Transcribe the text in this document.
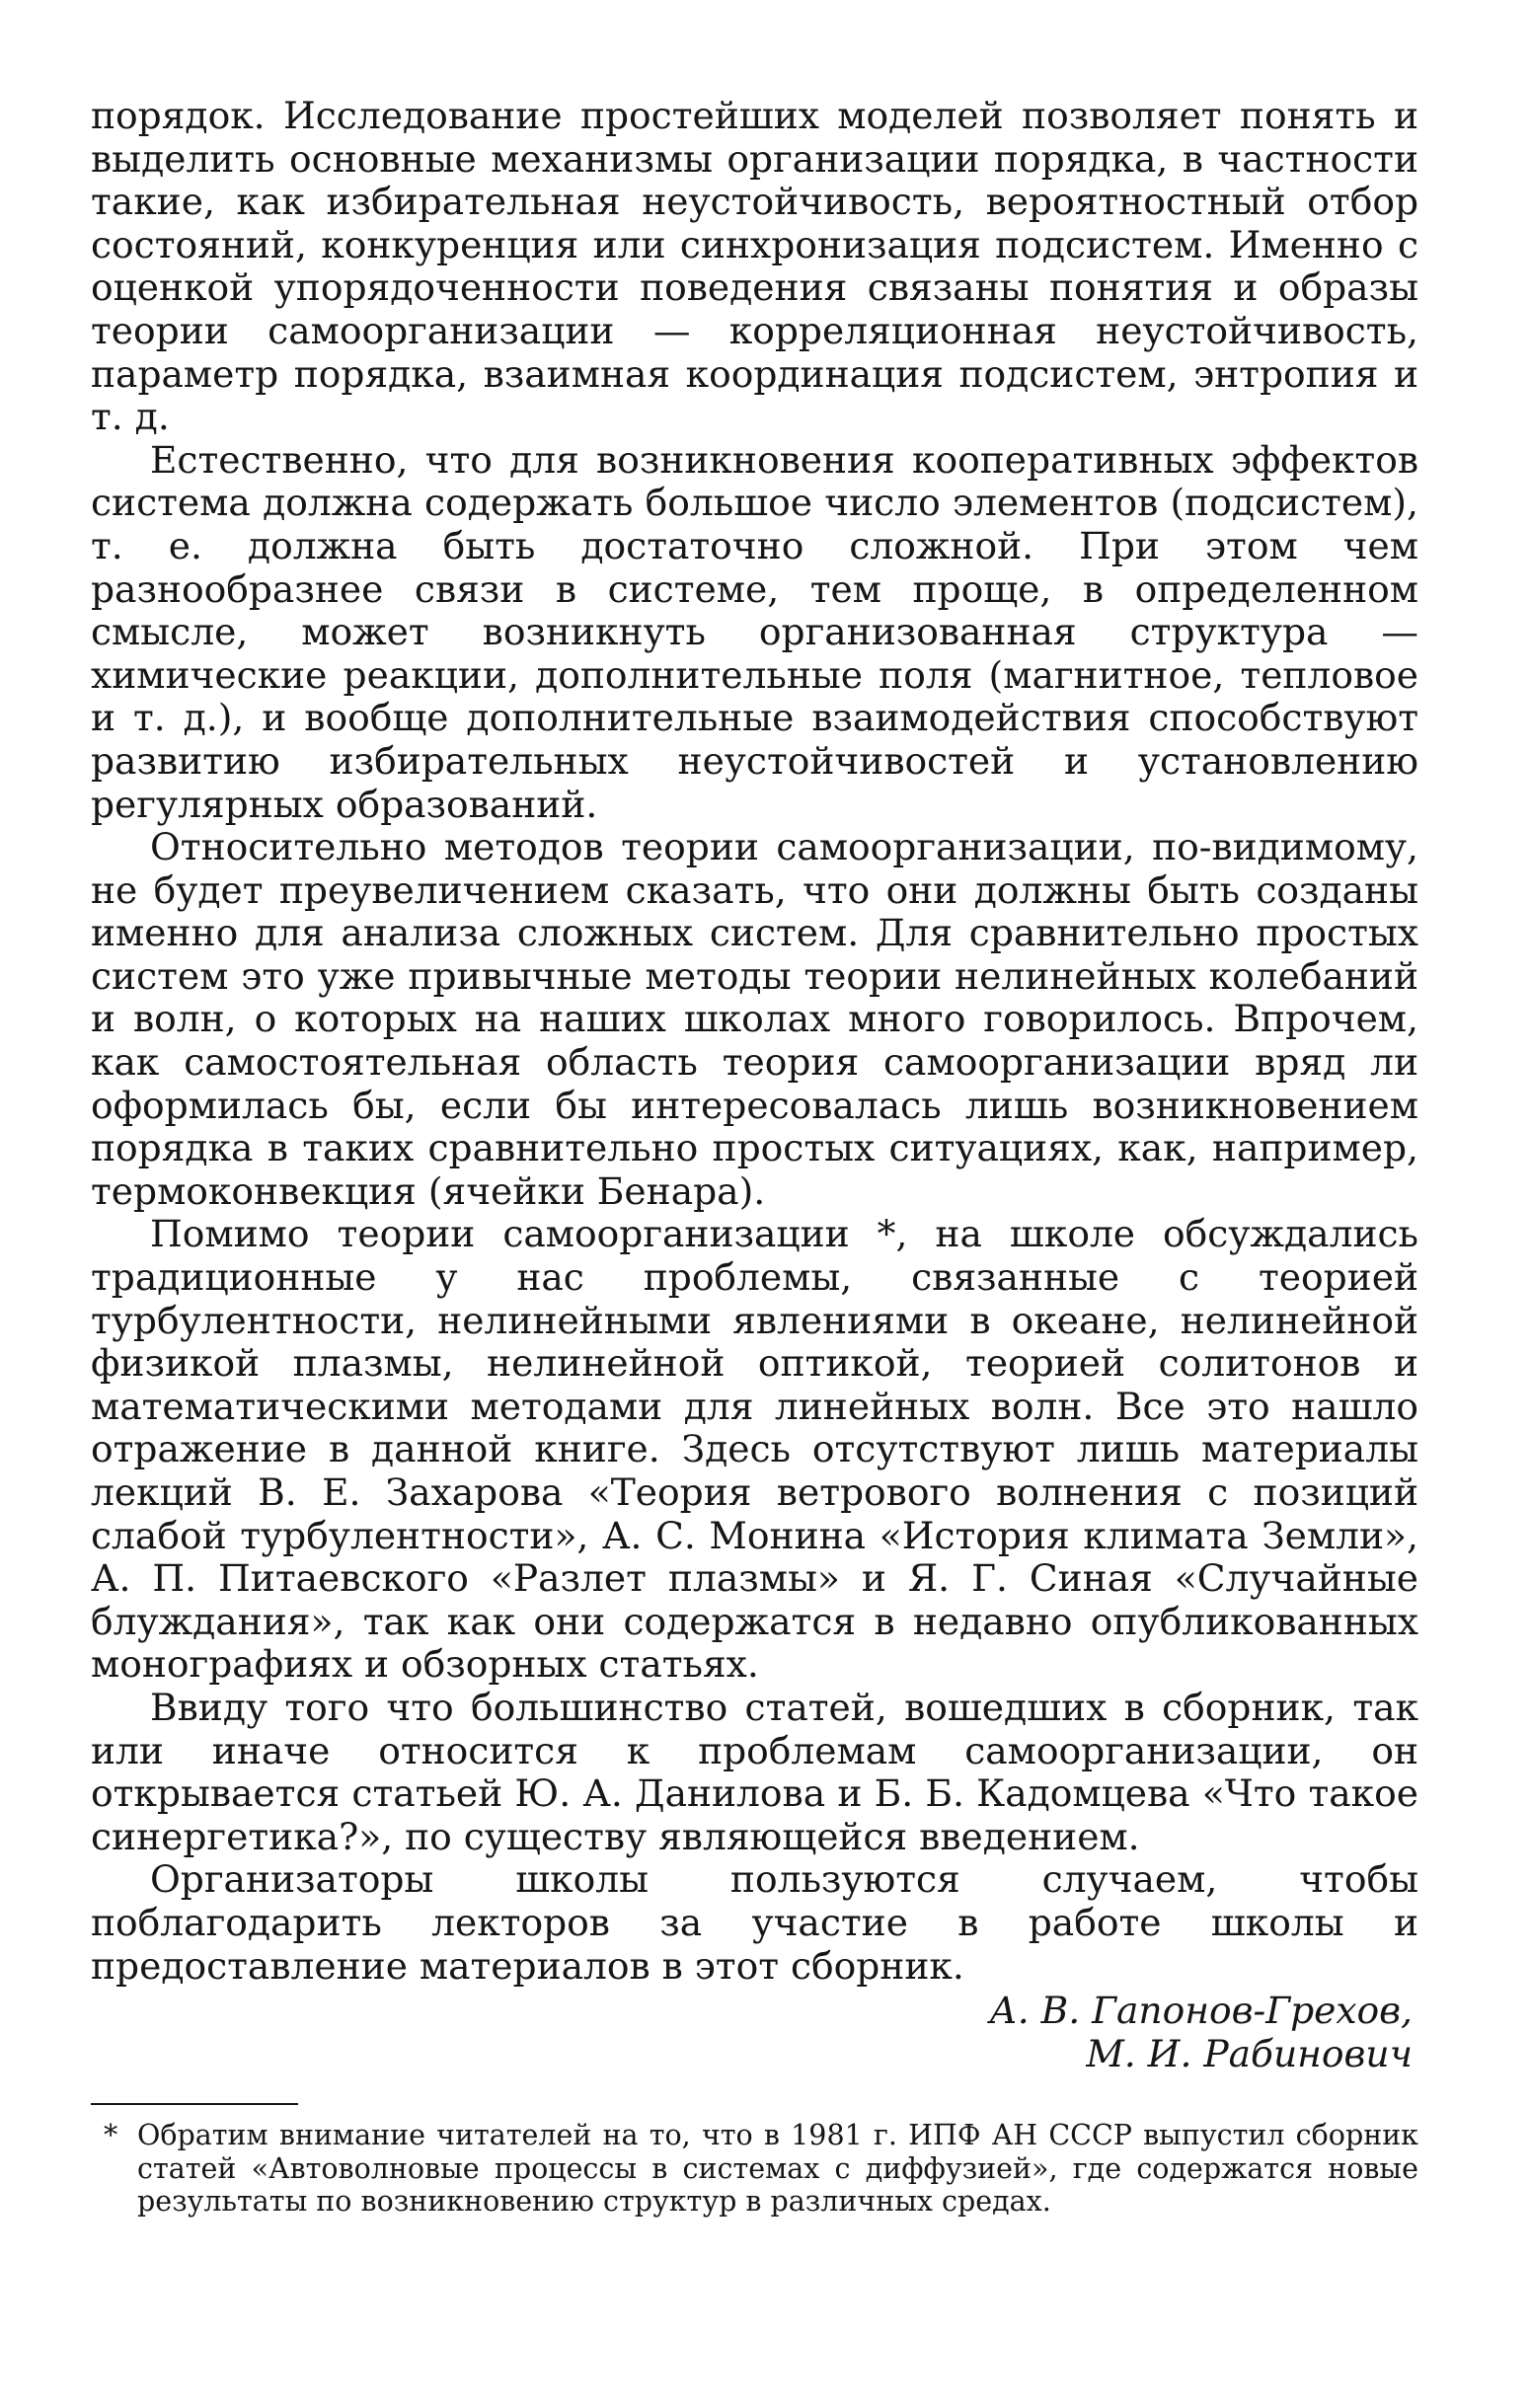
порядок. Исследование простейших моделей позволяет понять и выделить основные механизмы организации порядка, в частности такие, как избирательная неустойчивость, вероятностный отбор состояний, конкуренция или синхронизация подсистем. Именно с оценкой упорядоченности поведения связаны понятия и образы теории самоорганизации — корреляционная неустойчивость, параметр порядка, взаимная координация подсистем, энтропия и т. д.

Естественно, что для возникновения кооперативных эффектов система должна содержать большое число элементов (подсистем), т. е. должна быть достаточно сложной. При этом чем разнообразнее связи в системе, тем проще, в определенном смысле, может возникнуть организованная структура — химические реакции, дополнительные поля (магнитное, тепловое и т. д.), и вообще дополнительные взаимодействия способствуют развитию избирательных неустойчивостей и установлению регулярных образований.

Относительно методов теории самоорганизации, по-видимому, не будет преувеличением сказать, что они должны быть созданы именно для анализа сложных систем. Для сравнительно простых систем это уже привычные методы теории нелинейных колебаний и волн, о которых на наших школах много говорилось. Впрочем, как самостоятельная область теория самоорганизации вряд ли оформилась бы, если бы интересовалась лишь возникновением порядка в таких сравнительно простых ситуациях, как, например, термоконвекция (ячейки Бенара).

Помимо теории самоорганизации *, на школе обсуждались традиционные у нас проблемы, связанные с теорией турбулентности, нелинейными явлениями в океане, нелинейной физикой плазмы, нелинейной оптикой, теорией солитонов и математическими методами для линейных волн. Все это нашло отражение в данной книге. Здесь отсутствуют лишь материалы лекций В. Е. Захарова «Теория ветрового волнения с позиций слабой турбулентности», А. С. Монина «История климата Земли», А. П. Питаевского «Разлет плазмы» и Я. Г. Синая «Случайные блуждания», так как они содержатся в недавно опубликованных монографиях и обзорных статьях.

Ввиду того что большинство статей, вошедших в сборник, так или иначе относится к проблемам самоорганизации, он открывается статьей Ю. А. Данилова и Б. Б. Кадомцева «Что такое синергетика?», по существу являющейся введением.

Организаторы школы пользуются случаем, чтобы поблагодарить лекторов за участие в работе школы и предоставление материалов в этот сборник.

А. В. Гапонов-Грехов,
М. И. Рабинович

* Обратим внимание читателей на то, что в 1981 г. ИПФ АН СССР выпустил сборник статей «Автоволновые процессы в системах с диффузией», где содержатся новые результаты по возникновению структур в различных средах.
